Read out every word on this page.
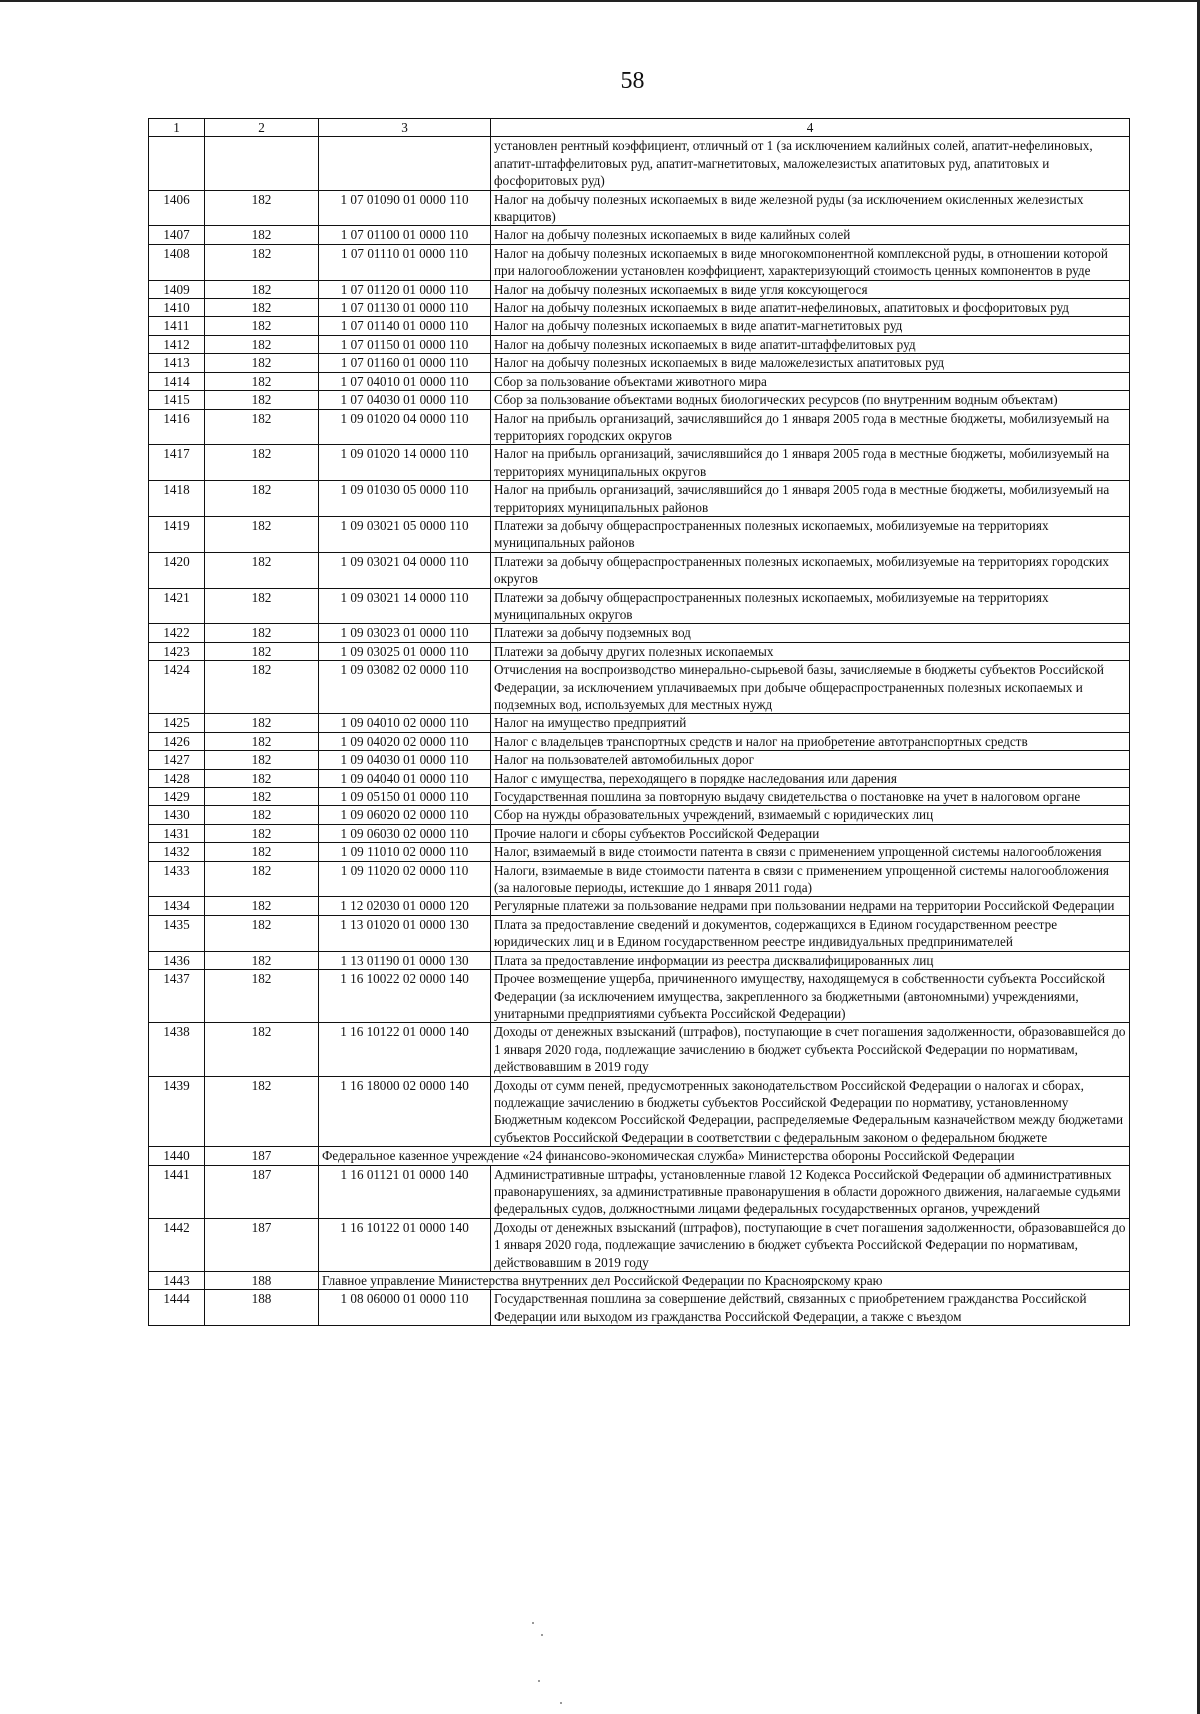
58
1	2	3	4
			установлен рентный коэффициент, отличный от 1 (за исключением калийных солей, апатит-нефелиновых, апатит-штаффелитовых руд, апатит-магнетитовых, маложелезистых апатитовых руд, апатитовых и фосфоритовых руд)
1406	182	1 07 01090 01 0000 110	Налог на добычу полезных ископаемых в виде железной руды (за исключением окисленных железистых кварцитов)
1407	182	1 07 01100 01 0000 110	Налог на добычу полезных ископаемых в виде калийных солей
1408	182	1 07 01110 01 0000 110	Налог на добычу полезных ископаемых в виде многокомпонентной комплексной руды, в отношении которой при налогообложении установлен коэффициент, характеризующий стоимость ценных компонентов в руде
1409	182	1 07 01120 01 0000 110	Налог на добычу полезных ископаемых в виде угля коксующегося
1410	182	1 07 01130 01 0000 110	Налог на добычу полезных ископаемых в виде апатит-нефелиновых, апатитовых и фосфоритовых руд
1411	182	1 07 01140 01 0000 110	Налог на добычу полезных ископаемых в виде апатит-магнетитовых руд
1412	182	1 07 01150 01 0000 110	Налог на добычу полезных ископаемых в виде апатит-штаффелитовых руд
1413	182	1 07 01160 01 0000 110	Налог на добычу полезных ископаемых в виде маложелезистых апатитовых руд
1414	182	1 07 04010 01 0000 110	Сбор за пользование объектами животного мира
1415	182	1 07 04030 01 0000 110	Сбор за пользование объектами водных биологических ресурсов (по внутренним водным объектам)
1416	182	1 09 01020 04 0000 110	Налог на прибыль организаций, зачислявшийся до 1 января 2005 года в местные бюджеты, мобилизуемый на территориях городских округов
1417	182	1 09 01020 14 0000 110	Налог на прибыль организаций, зачислявшийся до 1 января 2005 года в местные бюджеты, мобилизуемый на территориях муниципальных округов
1418	182	1 09 01030 05 0000 110	Налог на прибыль организаций, зачислявшийся до 1 января 2005 года в местные бюджеты, мобилизуемый на территориях муниципальных районов
1419	182	1 09 03021 05 0000 110	Платежи за добычу общераспространенных полезных ископаемых, мобилизуемые на территориях муниципальных районов
1420	182	1 09 03021 04 0000 110	Платежи за добычу общераспространенных полезных ископаемых, мобилизуемые на территориях городских округов
1421	182	1 09 03021 14 0000 110	Платежи за добычу общераспространенных полезных ископаемых, мобилизуемые на территориях муниципальных округов
1422	182	1 09 03023 01 0000 110	Платежи за добычу подземных вод
1423	182	1 09 03025 01 0000 110	Платежи за добычу других полезных ископаемых
1424	182	1 09 03082 02 0000 110	Отчисления на воспроизводство минерально-сырьевой базы, зачисляемые в бюджеты субъектов Российской Федерации, за исключением уплачиваемых при добыче общераспространенных полезных ископаемых и подземных вод, используемых для местных нужд
1425	182	1 09 04010 02 0000 110	Налог на имущество предприятий
1426	182	1 09 04020 02 0000 110	Налог с владельцев транспортных средств и налог на приобретение автотранспортных средств
1427	182	1 09 04030 01 0000 110	Налог на пользователей автомобильных дорог
1428	182	1 09 04040 01 0000 110	Налог с имущества, переходящего в порядке наследования или дарения
1429	182	1 09 05150 01 0000 110	Государственная пошлина за повторную выдачу свидетельства о постановке на учет в налоговом органе
1430	182	1 09 06020 02 0000 110	Сбор на нужды образовательных учреждений, взимаемый с юридических лиц
1431	182	1 09 06030 02 0000 110	Прочие налоги и сборы субъектов Российской Федерации
1432	182	1 09 11010 02 0000 110	Налог, взимаемый в виде стоимости патента в связи с применением упрощенной системы налогообложения
1433	182	1 09 11020 02 0000 110	Налоги, взимаемые в виде стоимости патента в связи с применением упрощенной системы налогообложения (за налоговые периоды, истекшие до 1 января 2011 года)
1434	182	1 12 02030 01 0000 120	Регулярные платежи за пользование недрами при пользовании недрами на территории Российской Федерации
1435	182	1 13 01020 01 0000 130	Плата за предоставление сведений и документов, содержащихся в Едином государственном реестре юридических лиц и в Едином государственном реестре индивидуальных предпринимателей
1436	182	1 13 01190 01 0000 130	Плата за предоставление информации из реестра дисквалифицированных лиц
1437	182	1 16 10022 02 0000 140	Прочее возмещение ущерба, причиненного имуществу, находящемуся в собственности субъекта Российской Федерации (за исключением имущества, закрепленного за бюджетными (автономными) учреждениями, унитарными предприятиями субъекта Российской Федерации)
1438	182	1 16 10122 01 0000 140	Доходы от денежных взысканий (штрафов), поступающие в счет погашения задолженности, образовавшейся до 1 января 2020 года, подлежащие зачислению в бюджет субъекта Российской Федерации по нормативам, действовавшим в 2019 году
1439	182	1 16 18000 02 0000 140	Доходы от сумм пеней, предусмотренных законодательством Российской Федерации о налогах и сборах, подлежащие зачислению в бюджеты субъектов Российской Федерации по нормативу, установленному Бюджетным кодексом Российской Федерации, распределяемые Федеральным казначейством между бюджетами субъектов Российской Федерации в соответствии с федеральным законом о федеральном бюджете
1440	187	Федеральное казенное учреждение «24 финансово-экономическая служба» Министерства обороны Российской Федерации	
1441	187	1 16 01121 01 0000 140	Административные штрафы, установленные главой 12 Кодекса Российской Федерации об административных правонарушениях, за административные правонарушения в области дорожного движения, налагаемые судьями федеральных судов, должностными лицами федеральных государственных органов, учреждений
1442	187	1 16 10122 01 0000 140	Доходы от денежных взысканий (штрафов), поступающие в счет погашения задолженности, образовавшейся до 1 января 2020 года, подлежащие зачислению в бюджет субъекта Российской Федерации по нормативам, действовавшим в 2019 году
1443	188	Главное управление Министерства внутренних дел Российской Федерации по Красноярскому краю	
1444	188	1 08 06000 01 0000 110	Государственная пошлина за совершение действий, связанных с приобретением гражданства Российской Федерации или выходом из гражданства Российской Федерации, а также с въездом
